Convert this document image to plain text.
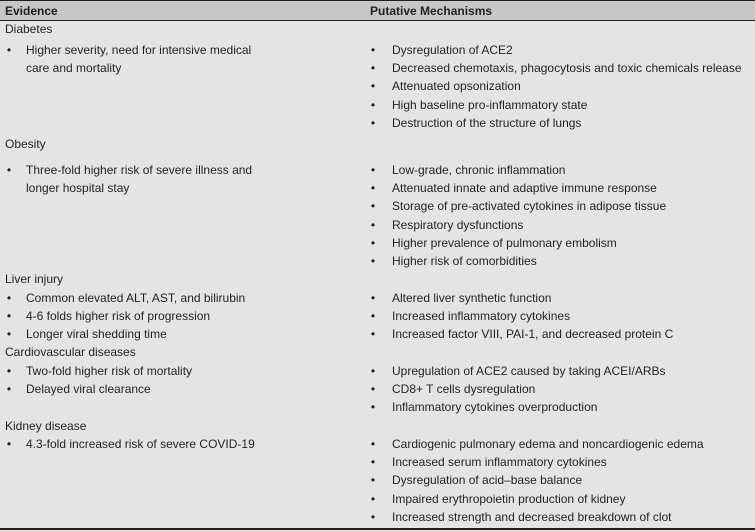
Evidence	Putative Mechanisms
Diabetes
• Higher severity, need for intensive medical
care and mortality
• Dysregulation of ACE2
• Decreased chemotaxis, phagocytosis and toxic chemicals release
• Attenuated opsonization
• High baseline pro-inflammatory state
• Destruction of the structure of lungs
Obesity
• Three-fold higher risk of severe illness and
longer hospital stay
• Low-grade, chronic inflammation
• Attenuated innate and adaptive immune response
• Storage of pre-activated cytokines in adipose tissue
• Respiratory dysfunctions
• Higher prevalence of pulmonary embolism
• Higher risk of comorbidities
Liver injury
• Common elevated ALT, AST, and bilirubin
• 4-6 folds higher risk of progression
• Longer viral shedding time
• Altered liver synthetic function
• Increased inflammatory cytokines
• Increased factor VIII, PAI-1, and decreased protein C
Cardiovascular diseases
• Two-fold higher risk of mortality
• Delayed viral clearance
• Upregulation of ACE2 caused by taking ACEI/ARBs
• CD8+ T cells dysregulation
• Inflammatory cytokines overproduction
Kidney disease
• 4.3-fold increased risk of severe COVID-19	• Cardiogenic pulmonary edema and noncardiogenic edema
• Increased serum inflammatory cytokines
• Dysregulation of acid–base balance
• Impaired erythropoietin production of kidney
• Increased strength and decreased breakdown of clot
